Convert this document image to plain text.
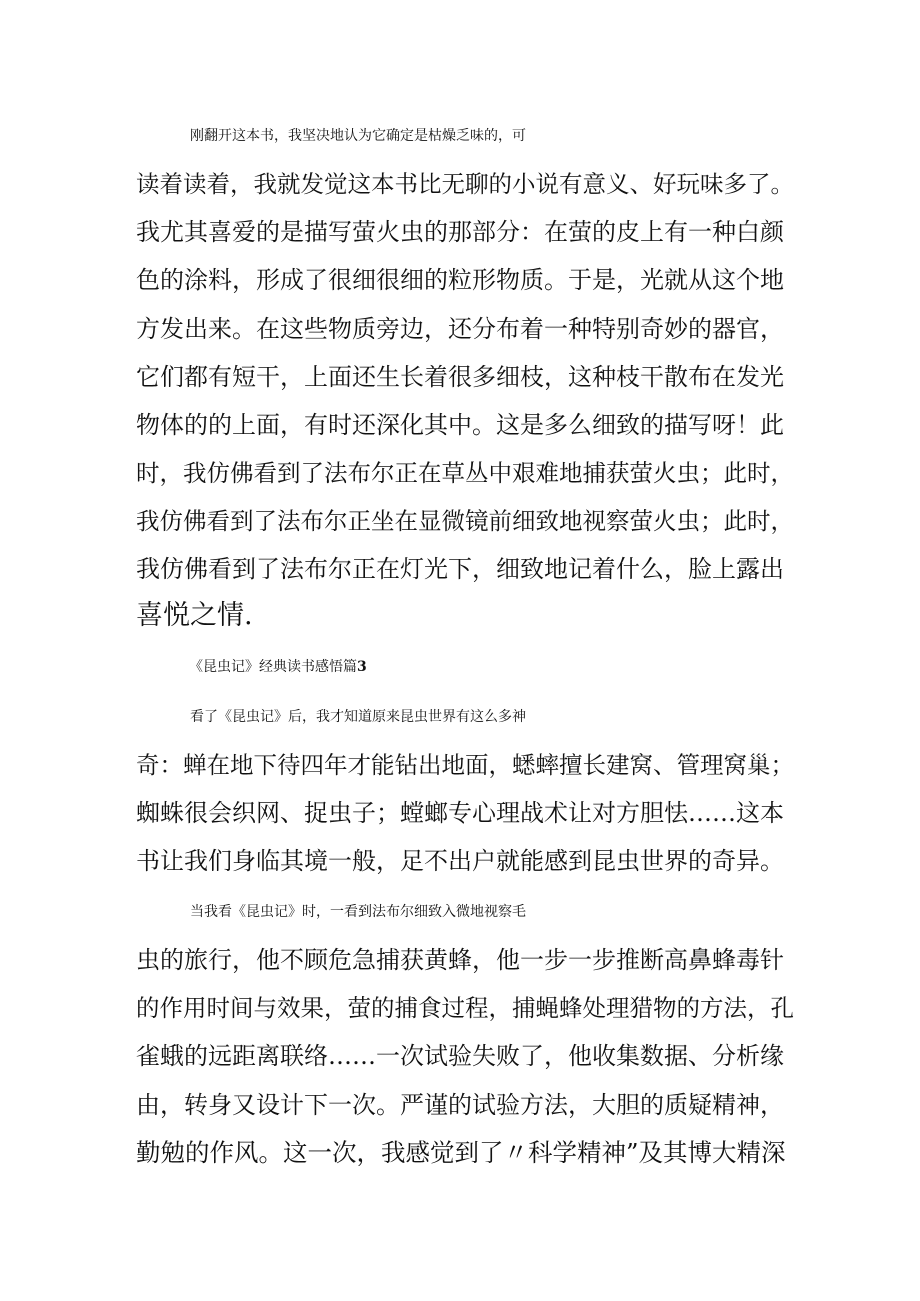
刚翻开这本书，我坚决地认为它确定是枯燥乏味的，可
读着读着，我就发觉这本书比无聊的小说有意义、好玩味多了。
我尤其喜爱的是描写萤火虫的那部分：在萤的皮上有一种白颜
色的涂料，形成了很细很细的粒形物质。于是，光就从这个地
方发出来。在这些物质旁边，还分布着一种特别奇妙的器官，
它们都有短干，上面还生长着很多细枝，这种枝干散布在发光
物体的的上面，有时还深化其中。这是多么细致的描写呀！此
时，我仿佛看到了法布尔正在草丛中艰难地捕获萤火虫；此时，
我仿佛看到了法布尔正坐在显微镜前细致地视察萤火虫；此时，
我仿佛看到了法布尔正在灯光下，细致地记着什么，脸上露出
喜悦之情.
《昆虫记》经典读书感悟篇3
看了《昆虫记》后，我才知道原来昆虫世界有这么多神
奇：蝉在地下待四年才能钻出地面，蟋蟀擅长建窝、管理窝巢；
蜘蛛很会织网、捉虫子；螳螂专心理战术让对方胆怯……这本
书让我们身临其境一般，足不出户就能感到昆虫世界的奇异。
当我看《昆虫记》时，一看到法布尔细致入微地视察毛
虫的旅行，他不顾危急捕获黄蜂，他一步一步推断高鼻蜂毒针
的作用时间与效果，萤的捕食过程，捕蝇蜂处理猎物的方法，孔
雀蛾的远距离联络……一次试验失败了，他收集数据、分析缘
由，转身又设计下一次。严谨的试验方法，大胆的质疑精神，
勤勉的作风。这一次，我感觉到了〃科学精神”及其博大精深
